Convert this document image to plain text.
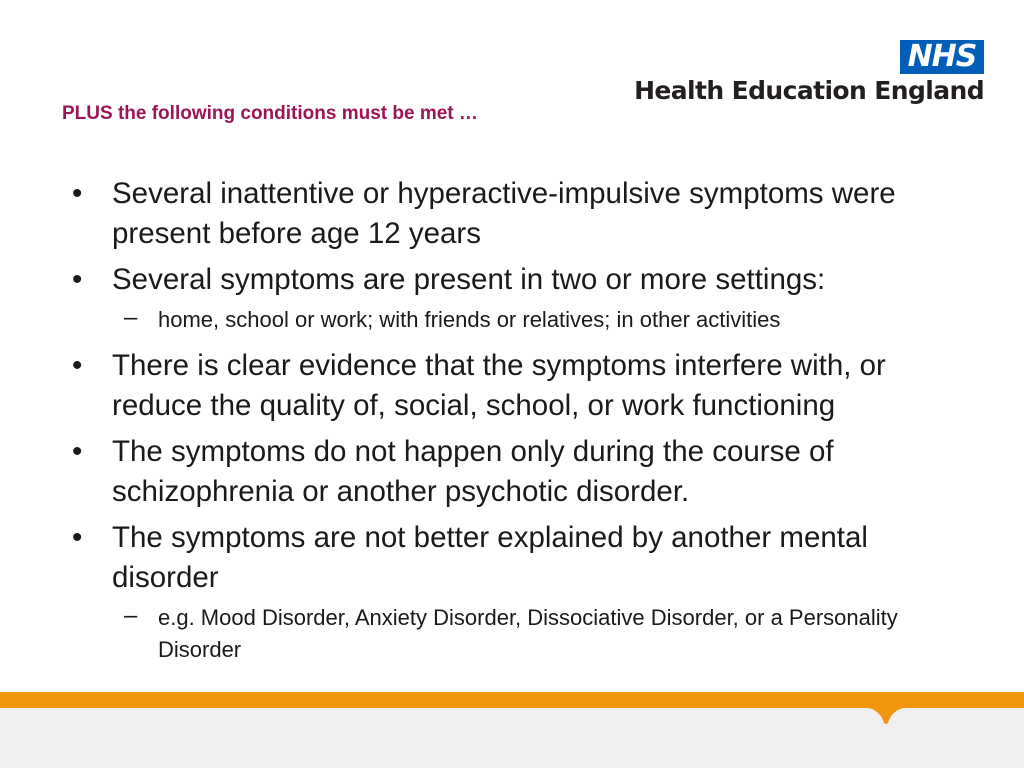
NHS
Health Education England
PLUS the following conditions must be met …
• Several inattentive or hyperactive-impulsive symptoms were present before age 12 years
• Several symptoms are present in two or more settings:
– home, school or work; with friends or relatives; in other activities
• There is clear evidence that the symptoms interfere with, or reduce the quality of, social, school, or work functioning
• The symptoms do not happen only during the course of schizophrenia or another psychotic disorder.
• The symptoms are not better explained by another mental disorder
– e.g. Mood Disorder, Anxiety Disorder, Dissociative Disorder, or a Personality Disorder
